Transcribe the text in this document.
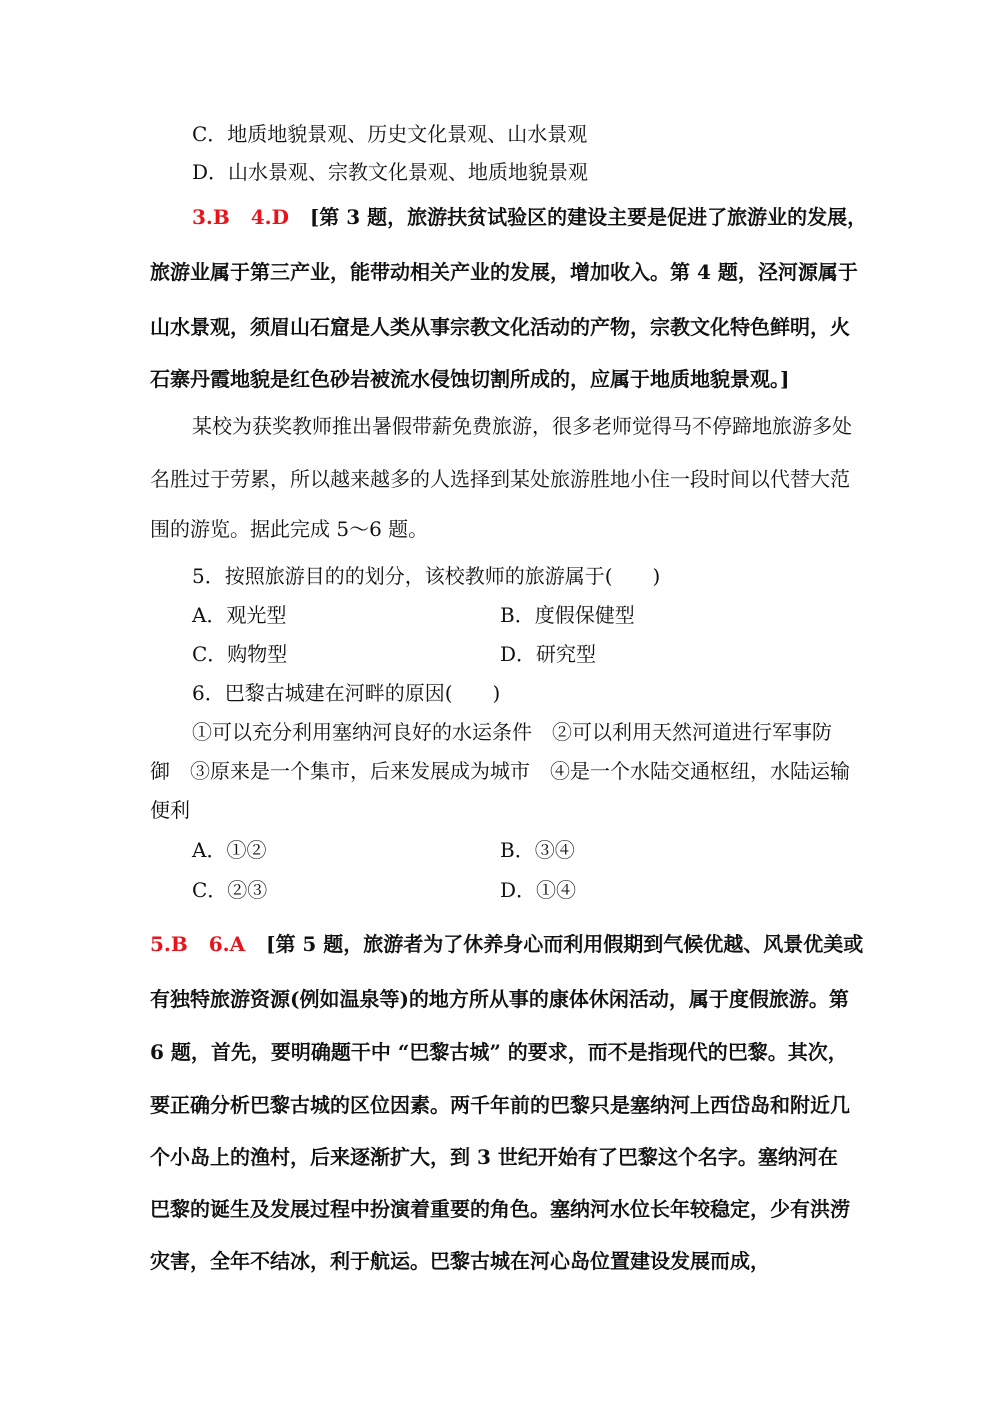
C．地质地貌景观、历史文化景观、山水景观
D．山水景观、宗教文化景观、地质地貌景观
3.B 4.D [第 3 题，旅游扶贫试验区的建设主要是促进了旅游业的发展，
旅游业属于第三产业，能带动相关产业的发展，增加收入。第 4 题，泾河源属于
山水景观，须眉山石窟是人类从事宗教文化活动的产物，宗教文化特色鲜明，火
石寨丹霞地貌是红色砂岩被流水侵蚀切割所成的，应属于地质地貌景观。]
某校为获奖教师推出暑假带薪免费旅游，很多老师觉得马不停蹄地旅游多处
名胜过于劳累，所以越来越多的人选择到某处旅游胜地小住一段时间以代替大范
围的游览。据此完成 5～6 题。
5．按照旅游目的的划分，该校教师的旅游属于(　　)
A．观光型	B．度假保健型
C．购物型	D．研究型
6．巴黎古城建在河畔的原因(　　)
①可以充分利用塞纳河良好的水运条件　②可以利用天然河道进行军事防
御　③原来是一个集市，后来发展成为城市　④是一个水陆交通枢纽，水陆运输
便利
A．①②	B．③④
C．②③	D．①④
5.B 6.A [第 5 题，旅游者为了休养身心而利用假期到气候优越、风景优美或
有独特旅游资源(例如温泉等)的地方所从事的康体休闲活动，属于度假旅游。第
6 题，首先，要明确题干中 “巴黎古城” 的要求，而不是指现代的巴黎。其次，
要正确分析巴黎古城的区位因素。两千年前的巴黎只是塞纳河上西岱岛和附近几
个小岛上的渔村，后来逐渐扩大，到 3 世纪开始有了巴黎这个名字。塞纳河在
巴黎的诞生及发展过程中扮演着重要的角色。塞纳河水位长年较稳定，少有洪涝
灾害，全年不结冰，利于航运。巴黎古城在河心岛位置建设发展而成，
